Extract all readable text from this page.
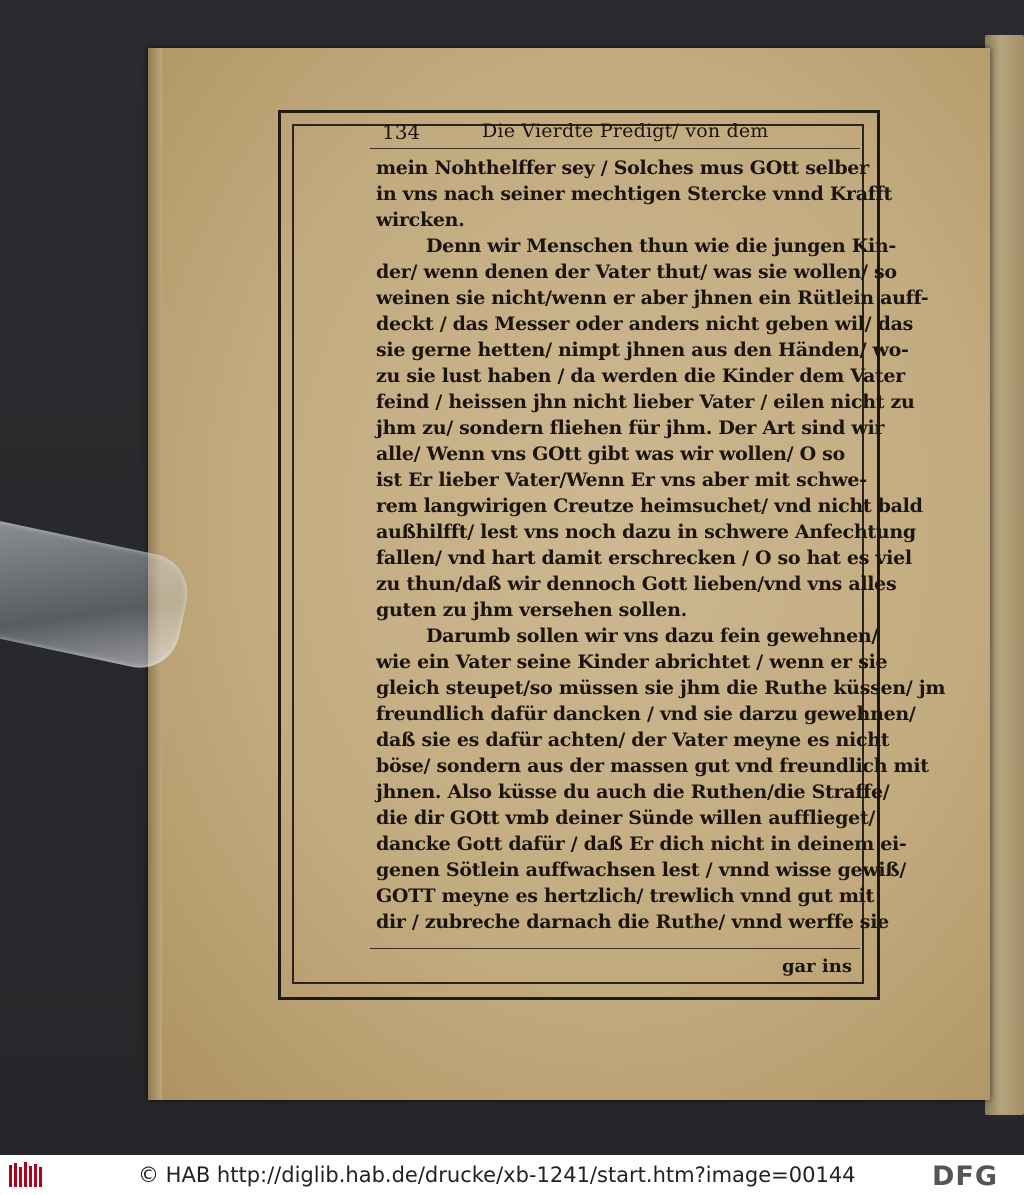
134	Die Vierdte Predigt/ von dem
mein Nohthelffer sey / Solches mus GOtt selber
in vns nach seiner mechtigen Stercke vnnd Krafft
wircken.
Denn wir Menschen thun wie die jungen Kin-
der/ wenn denen der Vater thut/ was sie wollen/ so
weinen sie nicht/wenn er aber jhnen ein Rütlein auff-
deckt / das Messer oder anders nicht geben wil/ das
sie gerne hetten/ nimpt jhnen aus den Händen/ wo-
zu sie lust haben / da werden die Kinder dem Vater
feind / heissen jhn nicht lieber Vater / eilen nicht zu
jhm zu/ sondern fliehen für jhm. Der Art sind wir
alle/ Wenn vns GOtt gibt was wir wollen/ O so
ist Er lieber Vater/Wenn Er vns aber mit schwe-
rem langwirigen Creutze heimsuchet/ vnd nicht bald
außhilfft/ lest vns noch dazu in schwere Anfechtung
fallen/ vnd hart damit erschrecken / O so hat es viel
zu thun/daß wir dennoch Gott lieben/vnd vns alles
guten zu jhm versehen sollen.
Darumb sollen wir vns dazu fein gewehnen/
wie ein Vater seine Kinder abrichtet / wenn er sie
gleich steupet/so müssen sie jhm die Ruthe küssen/ jm
freundlich dafür dancken / vnd sie darzu gewehnen/
daß sie es dafür achten/ der Vater meyne es nicht
böse/ sondern aus der massen gut vnd freundlich mit
jhnen. Also küsse du auch die Ruthen/die Straffe/
die dir GOtt vmb deiner Sünde willen aufflieget/
dancke Gott dafür / daß Er dich nicht in deinem ei-
genen Sötlein auffwachsen lest / vnnd wisse gewiß/
GOTT meyne es hertzlich/ trewlich vnnd gut mit
dir / zubreche darnach die Ruthe/ vnnd werffe sie
gar ins
© HAB http://diglib.hab.de/drucke/xb-1241/start.htm?image=00144	DFG
